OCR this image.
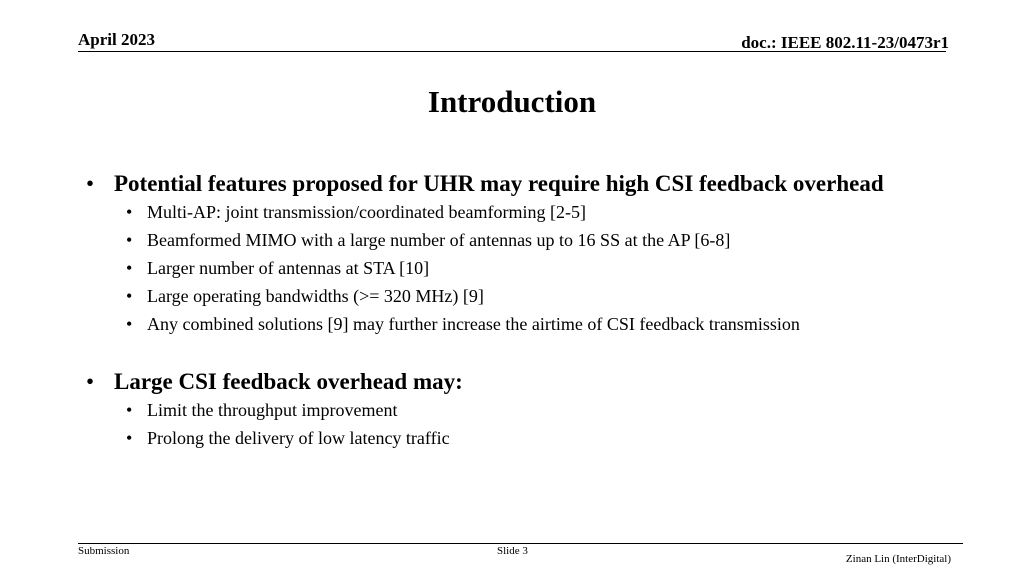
April 2023	doc.: IEEE 802.11-23/0473r1
Introduction
• Potential features proposed for UHR may require high CSI feedback overhead
• Multi-AP: joint transmission/coordinated beamforming [2-5]
• Beamformed MIMO with a large number of antennas up to 16 SS at the AP [6-8]
• Larger number of antennas at STA [10]
• Large operating bandwidths (>= 320 MHz) [9]
• Any combined solutions [9] may further increase the airtime of CSI feedback transmission
• Large CSI feedback overhead may:
• Limit the throughput improvement
• Prolong the delivery of low latency traffic
Submission	Slide 3
Zinan Lin (InterDigital)
